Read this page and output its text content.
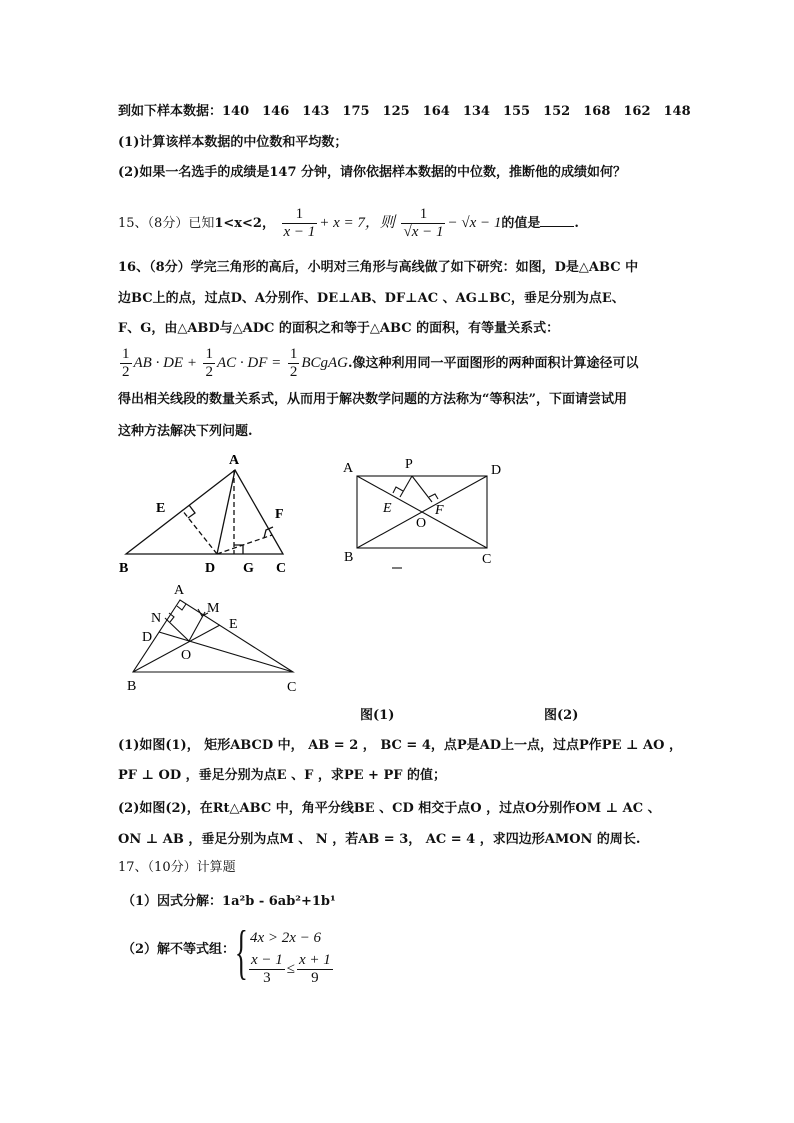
到如下样本数据：140　146　143　175　125　164　134　155　152　168　162　148
(1)计算该样本数据的中位数和平均数；
(2)如果一名选手的成绩是147 分钟，请你依据样本数据的中位数，推断他的成绩如何？
15、（8分）已知1<x<2， $\frac{1}{x - 1} + x = 7$，则 $\frac{1}{√x - 1} - √x - 1$的值是	.
16、（8分）学完三角形的高后，小明对三角形与高线做了如下研究：如图，D是△ABC 中
边BC上的点，过点D、A分别作、DE⊥AB、DF⊥AC 、AG⊥BC，垂足分别为点E、
F、G，由△ABD与△ADC 的面积之和等于△ABC 的面积，有等量关系式：
$\frac{1}{2}$ AB · DE + $\frac{1}{2}$ AC · DF = $\frac{1}{2}$ BCgAG.像这种利用同一平面图形的两种面积计算途径可以
得出相关线段的数量关系式，从而用于解决数学问题的方法称为“等积法”，下面请尝试用
这种方法解决下列问题.
A
E	F
B	D G C
A	P	D
B	C
E	F
O
A
N
M
E
D
O
B	C
图(1)	图(2)
(1)如图(1)， 矩形ABCD 中， AB = 2 ， BC = 4，点P是AD上一点，过点P作PE ⊥ AO ，
PF ⊥ OD ，垂足分别为点E 、F ，求PE + PF 的值；
(2)如图(2)，在Rt△ABC 中，角平分线BE 、CD 相交于点O ，过点O分别作OM ⊥ AC 、
ON ⊥ AB ，垂足分别为点M 、 N ，若AB = 3， AC = 4 ，求四边形AMON 的周长.
17、（10分）计算题
（1）因式分解：1a²b - 6ab²+1b¹
（2）解不等式组： { 4x > 2x − 6
$\frac{x - 1}{3} \le \frac{x + 1}{9}$
